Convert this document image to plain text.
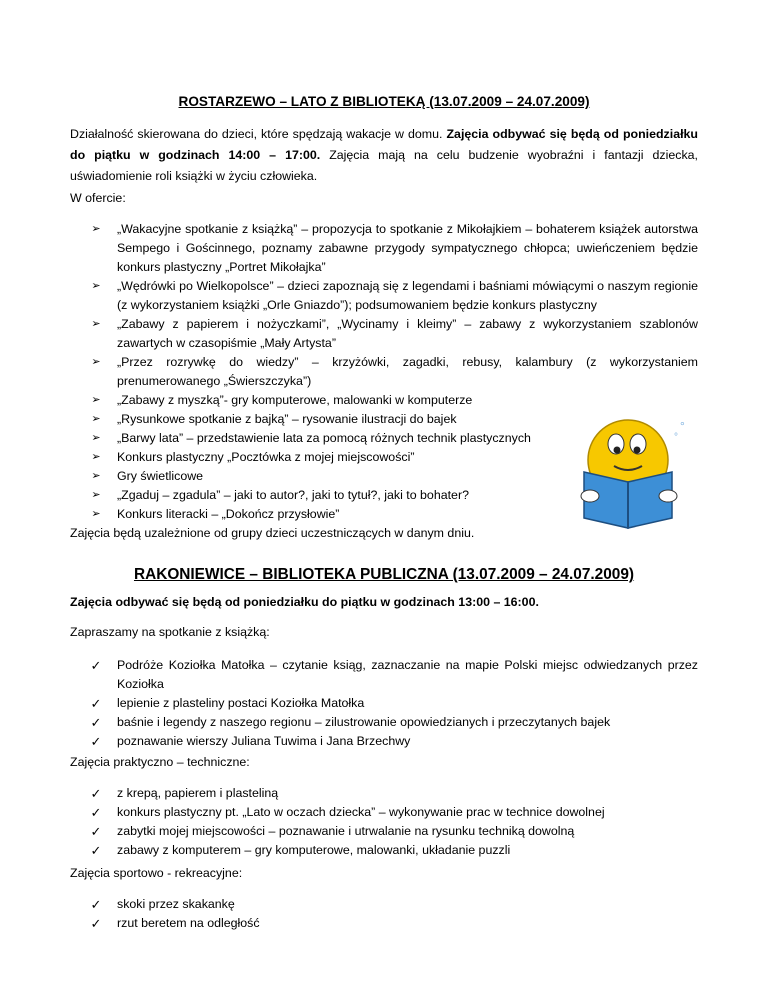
ROSTARZEWO – LATO Z BIBLIOTEKĄ (13.07.2009 – 24.07.2009)
Działalność skierowana do dzieci, które spędzają wakacje w domu. Zajęcia odbywać się będą od poniedziałku do piątku w godzinach 14:00 – 17:00. Zajęcia mają na celu budzenie wyobraźni i fantazji dziecka, uświadomienie roli książki w życiu człowieka.
W ofercie:
➢ „Wakacyjne spotkanie z książką” – propozycja to spotkanie z Mikołajkiem – bohaterem książek autorstwa Sempego i Gościnnego, poznamy zabawne przygody sympatycznego chłopca; uwieńczeniem będzie konkurs plastyczny „Portret Mikołajka”
➢ „Wędrówki po Wielkopolsce” – dzieci zapoznają się z legendami i baśniami mówiącymi o naszym regionie (z wykorzystaniem książki „Orle Gniazdo”); podsumowaniem będzie konkurs plastyczny
➢ „Zabawy z papierem i nożyczkami”, „Wycinamy i kleimy” – zabawy z wykorzystaniem szablonów zawartych w czasopiśmie „Mały Artysta”
➢ „Przez rozrywkę do wiedzy” – krzyżówki, zagadki, rebusy, kalambury (z wykorzystaniem prenumerowanego „Świerszczyka”)
➢ „Zabawy z myszką”- gry komputerowe, malowanki w komputerze
➢ „Rysunkowe spotkanie z bajką” – rysowanie ilustracji do bajek
➢ „Barwy lata” – przedstawienie lata za pomocą różnych technik plastycznych
➢ Konkurs plastyczny „Pocztówka z mojej miejscowości”
➢ Gry świetlicowe
➢ „Zgaduj – zgadula” – jaki to autor?, jaki to tytuł?, jaki to bohater?
➢ Konkurs literacki – „Dokończ przysłowie”
Zajęcia będą uzależnione od grupy dzieci uczestniczących w danym dniu.
RAKONIEWICE – BIBLIOTEKA PUBLICZNA (13.07.2009 – 24.07.2009)
Zajęcia odbywać się będą od poniedziałku do piątku w godzinach 13:00 – 16:00.
Zapraszamy na spotkanie z książką:
✓ Podróże Koziołka Matołka – czytanie ksiąg, zaznaczanie na mapie Polski miejsc odwiedzanych przez Koziołka
✓ lepienie z plasteliny postaci Koziołka Matołka
✓ baśnie i legendy z naszego regionu – zilustrowanie opowiedzianych i przeczytanych bajek
✓ poznawanie wierszy Juliana Tuwima i Jana Brzechwy
Zajęcia praktyczno – techniczne:
✓ z krepą, papierem i plasteliną
✓ konkurs plastyczny pt. „Lato w oczach dziecka” – wykonywanie prac w technice dowolnej
✓ zabytki mojej miejscowości – poznawanie i utrwalanie na rysunku techniką dowolną
✓ zabawy z komputerem – gry komputerowe, malowanki, układanie puzzli
Zajęcia sportowo - rekreacyjne:
✓ skoki przez skakankę
✓ rzut beretem na odległość
°
°
